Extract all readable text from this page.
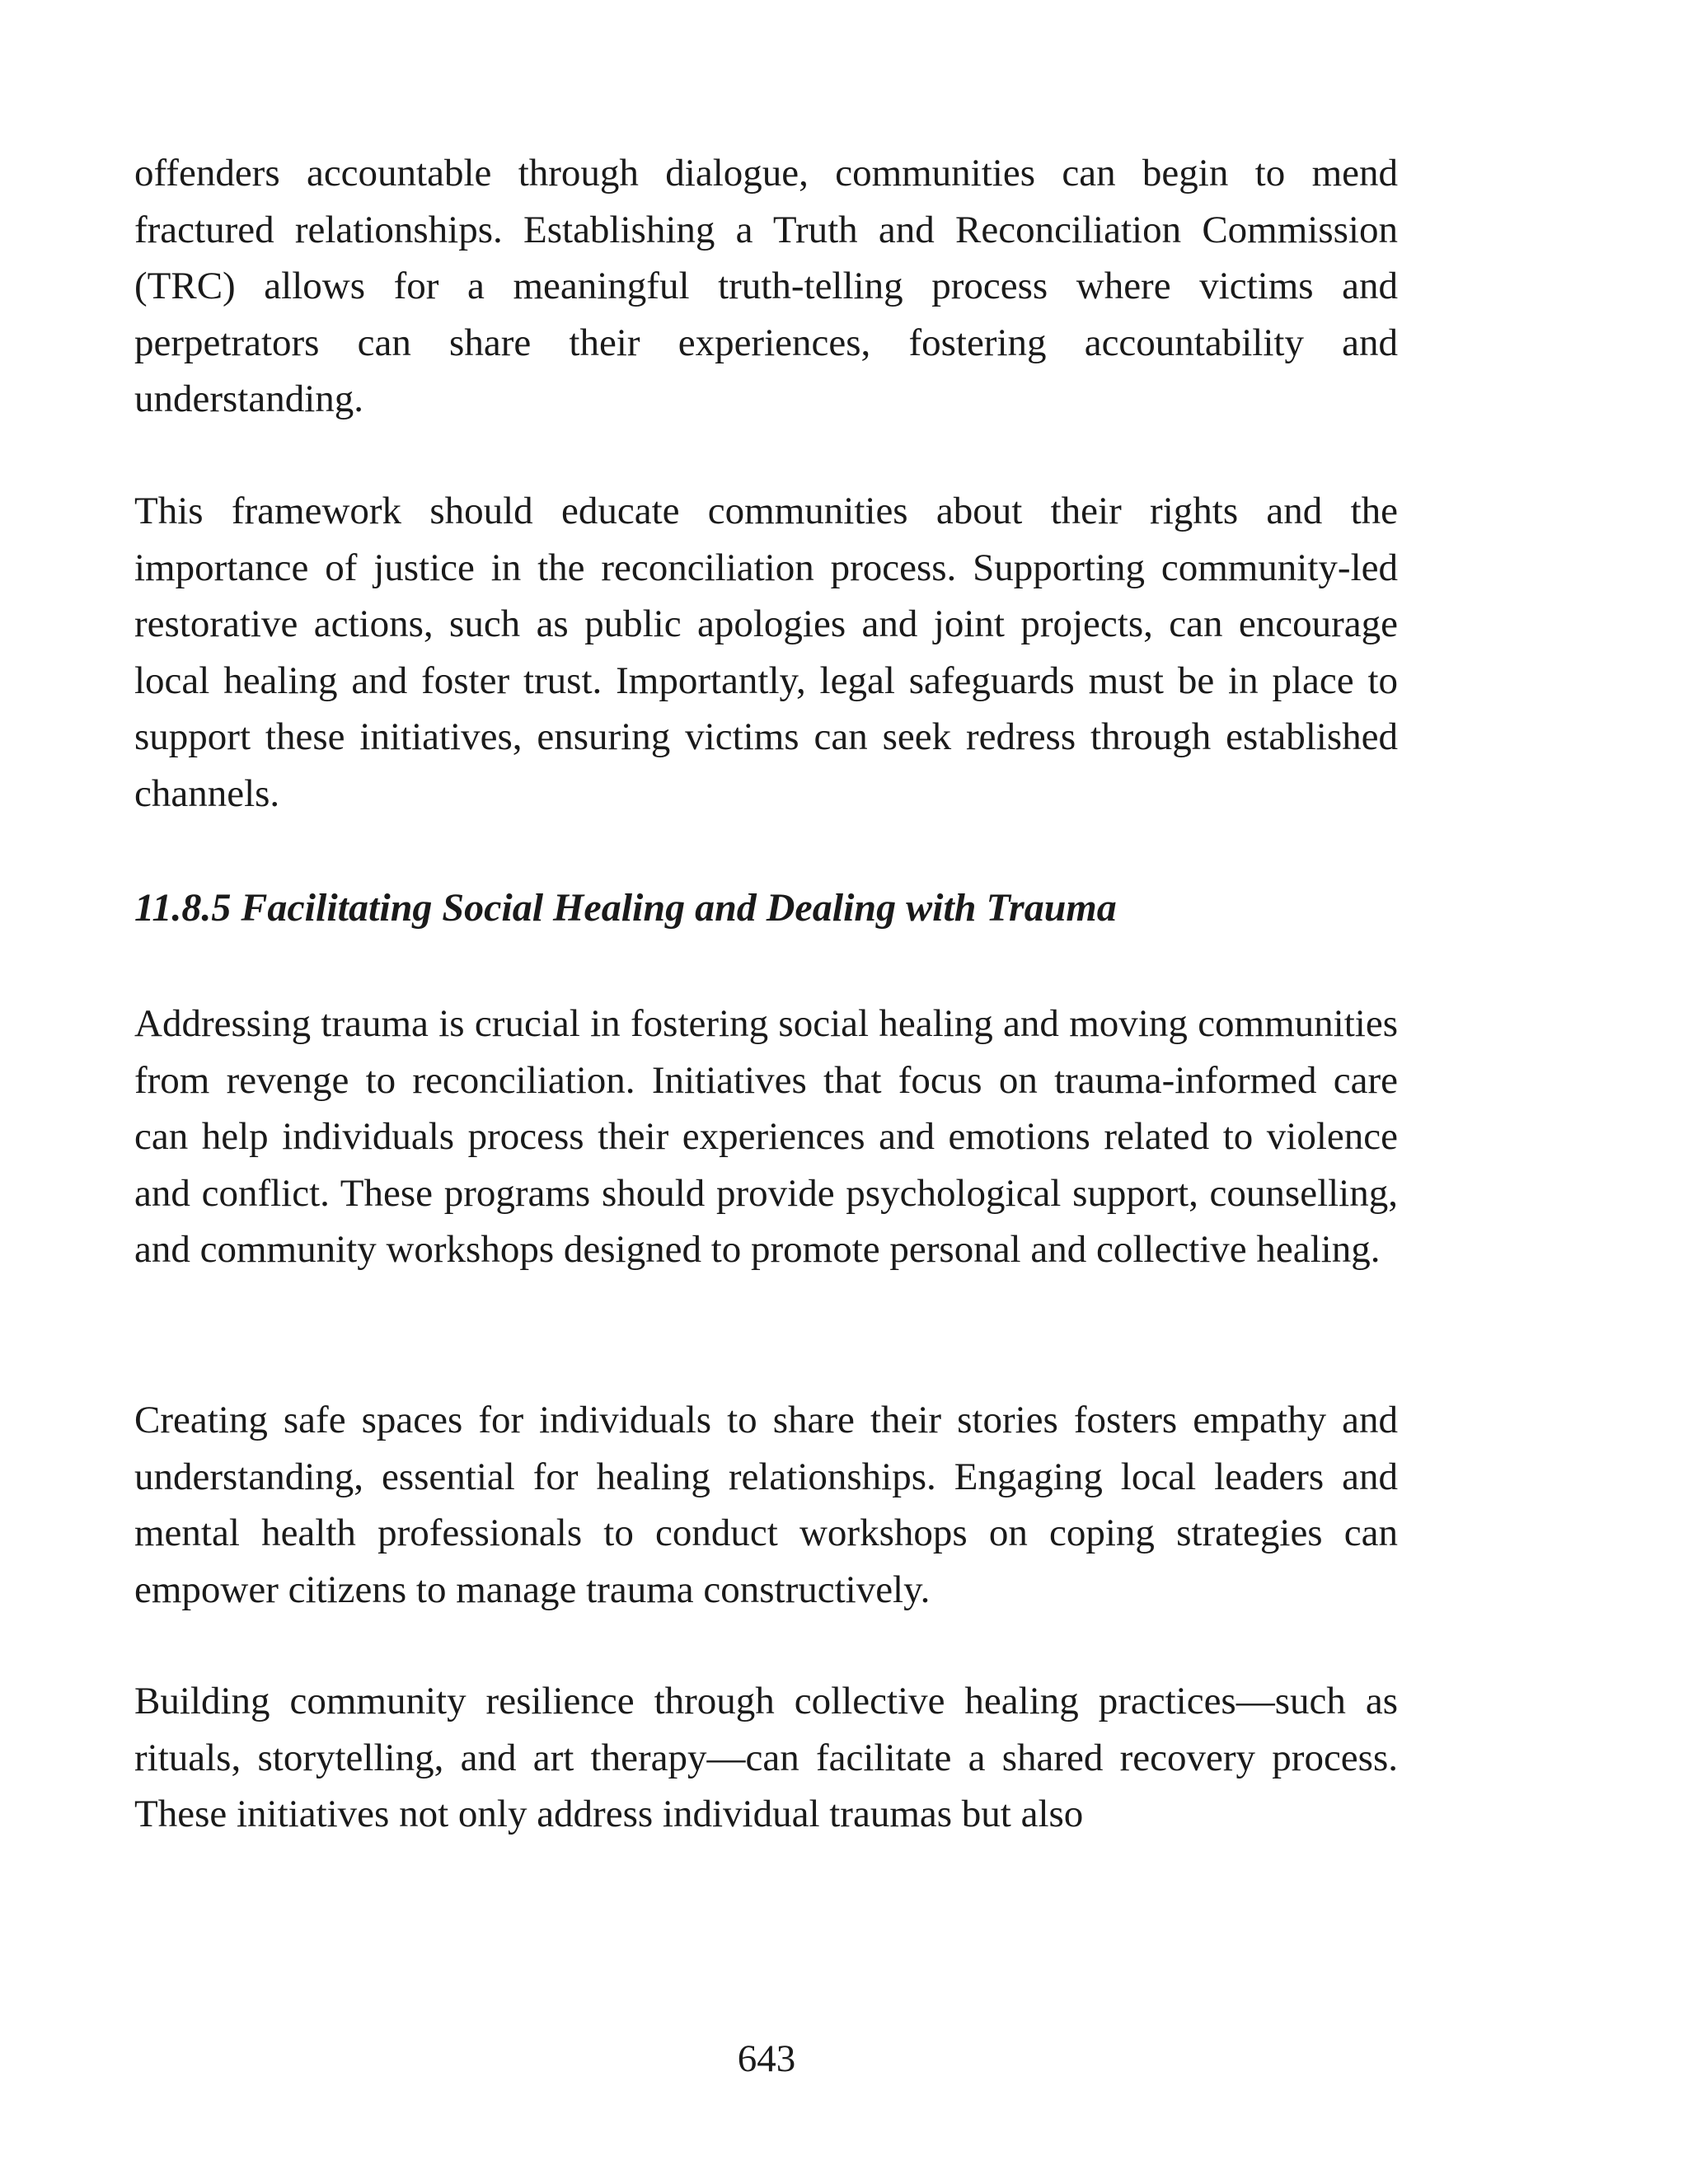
offenders accountable through dialogue, communities can begin to mend fractured relationships. Establishing a Truth and Reconciliation Commission (TRC) allows for a meaningful truth-telling process where victims and perpetrators can share their experiences, fostering accountability and understanding.

This framework should educate communities about their rights and the importance of justice in the reconciliation process. Supporting community-led restorative actions, such as public apologies and joint projects, can encourage local healing and foster trust. Importantly, legal safeguards must be in place to support these initiatives, ensuring victims can seek redress through established channels.

11.8.5 Facilitating Social Healing and Dealing with Trauma

Addressing trauma is crucial in fostering social healing and moving communities from revenge to reconciliation. Initiatives that focus on trauma-informed care can help individuals process their experiences and emotions related to violence and conflict. These programs should provide psychological support, counselling, and community workshops designed to promote personal and collective healing.

Creating safe spaces for individuals to share their stories fosters empathy and understanding, essential for healing relationships. Engaging local leaders and mental health professionals to conduct workshops on coping strategies can empower citizens to manage trauma constructively.

Building community resilience through collective healing practices—such as rituals, storytelling, and art therapy—can facilitate a shared recovery process. These initiatives not only address individual traumas but also

643
